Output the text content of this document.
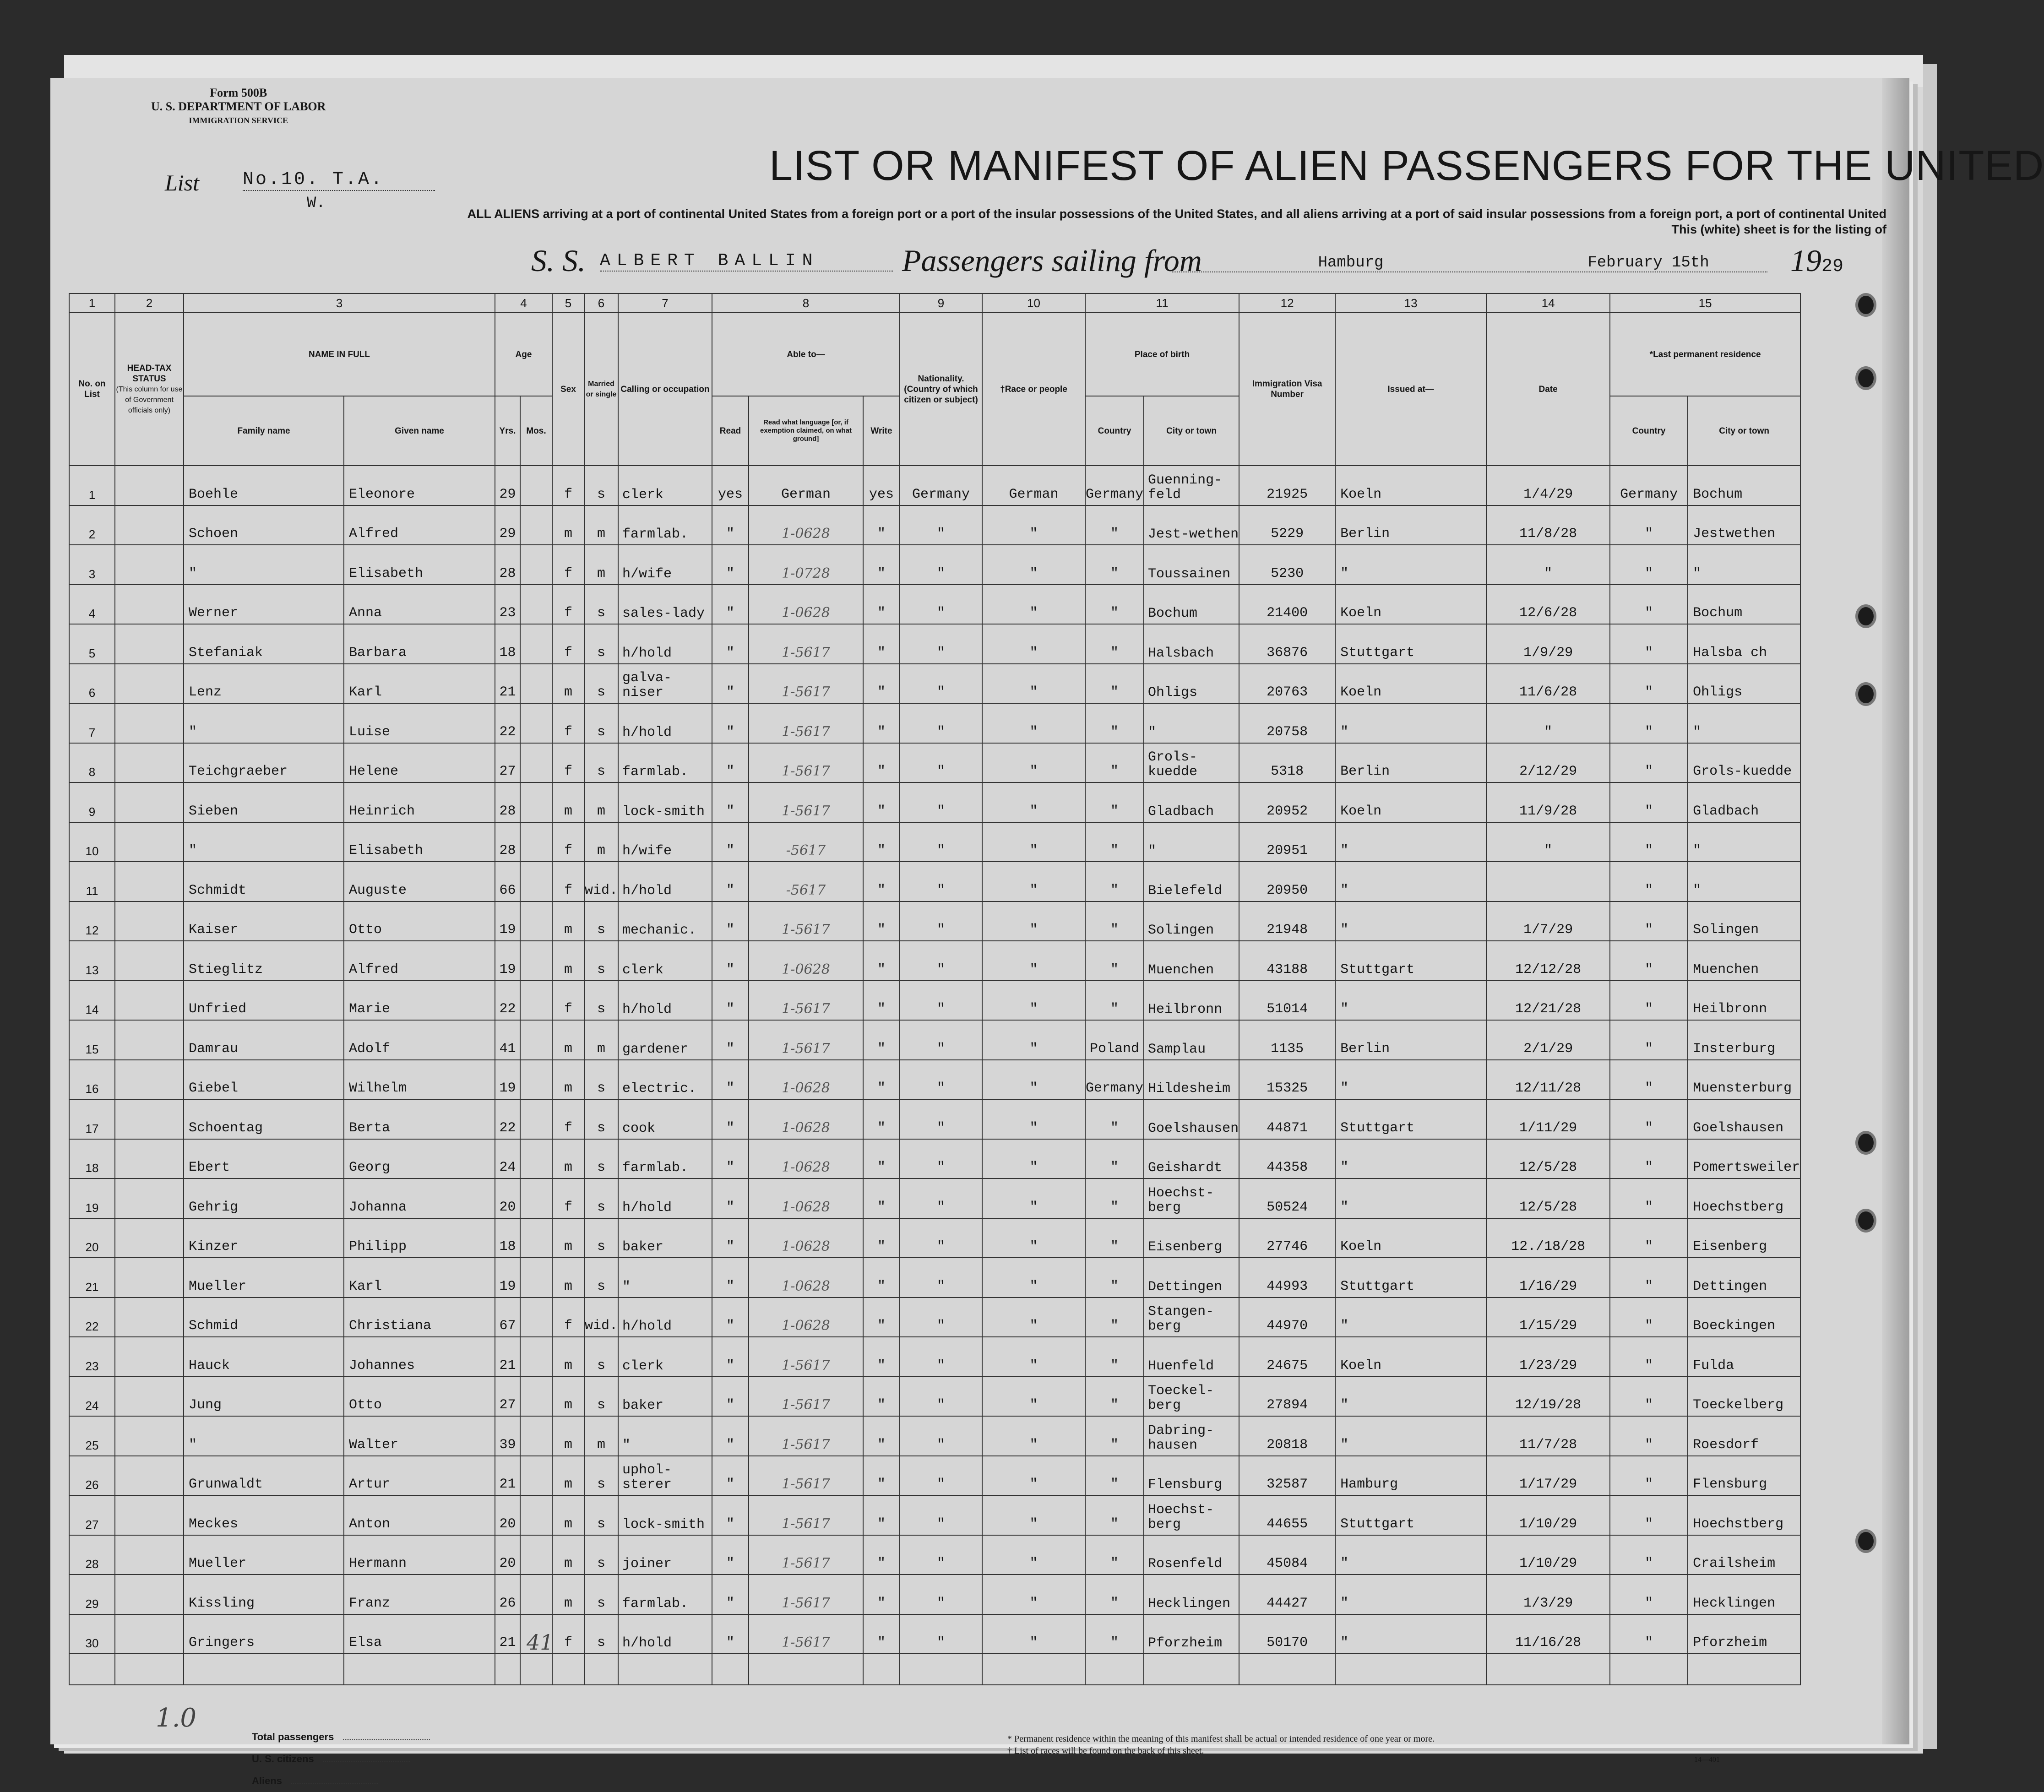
Form 500B
U. S. DEPARTMENT OF LABOR
IMMIGRATION SERVICE
List No.10. T.A.
W.
LIST OR MANIFEST OF ALIEN PASSENGERS FOR THE UNITED
ALL ALIENS arriving at a port of continental United States from a foreign port or a port of the insular possessions of the United States, and all aliens arriving at a port of said insular possessions from a foreign port, a port of continental United
This (white) sheet is for the listing of
S. S. ALBERT BALLIN	Passengers sailing from	Hamburg	February 15th	1929
1	2	3		4		5	6	7	8			9	10	11		12	13	14	15	
No. on List	HEAD-TAX STATUS
(This column for use of Government officials only)	NAME IN FULL		Age		Sex	Married or single	Calling or occupation	Able to—			Nationality. (Country of which citizen or subject)	†Race or people	Place of birth		Immigration Visa Number	Issued at—	Date	*Last permanent residence	
		Family name	Given name	Yrs.	Mos.				Read	Read what language [or, if exemption claimed, on what ground]	Write			Country	City or town				Country	City or town
1		Boehle	Eleonore	29		f	s	clerk	yes	German	yes	Germany	German	Germany	Guenning-feld	21925	Koeln	1/4/29	Germany	Bochum
2		Schoen	Alfred	29		m	m	farmlab.	"	1-0628	"	"	"	"	Jest-wethen	5229	Berlin	11/8/28	"	Jestwethen
3		"	Elisabeth	28		f	m	h/wife	"	1-0728	"	"	"	"	Toussainen	5230	"	"	"	"
4		Werner	Anna	23		f	s	sales-lady	"	1-0628	"	"	"	"	Bochum	21400	Koeln	12/6/28	"	Bochum
5		Stefaniak	Barbara	18		f	s	h/hold	"	1-5617	"	"	"	"	Halsbach	36876	Stuttgart	1/9/29	"	Halsba ch
6		Lenz	Karl	21		m	s	galva-niser	"	1-5617	"	"	"	"	Ohligs	20763	Koeln	11/6/28	"	Ohligs
7		"	Luise	22		f	s	h/hold	"	1-5617	"	"	"	"	"	20758	"	"	"	"
8		Teichgraeber	Helene	27		f	s	farmlab.	"	1-5617	"	"	"	"	Grols-kuedde	5318	Berlin	2/12/29	"	Grols-kuedde
9		Sieben	Heinrich	28		m	m	lock-smith	"	1-5617	"	"	"	"	Gladbach	20952	Koeln	11/9/28	"	Gladbach
10		"	Elisabeth	28		f	m	h/wife	"	-5617	"	"	"	"	"	20951	"	"	"	"
11		Schmidt	Auguste	66		f	wid.	h/hold	"	-5617	"	"	"	"	Bielefeld	20950	"		"	"
12		Kaiser	Otto	19		m	s	mechanic.	"	1-5617	"	"	"	"	Solingen	21948	"	1/7/29	"	Solingen
13		Stieglitz	Alfred	19		m	s	clerk	"	1-0628	"	"	"	"	Muenchen	43188	Stuttgart	12/12/28	"	Muenchen
14		Unfried	Marie	22		f	s	h/hold	"	1-5617	"	"	"	"	Heilbronn	51014	"	12/21/28	"	Heilbronn
15		Damrau	Adolf	41		m	m	gardener	"	1-5617	"	"	"	Poland	Samplau	1135	Berlin	2/1/29	"	Insterburg
16		Giebel	Wilhelm	19		m	s	electric.	"	1-0628	"	"	"	Germany	Hildesheim	15325	"	12/11/28	"	Muensterburg
17		Schoentag	Berta	22		f	s	cook	"	1-0628	"	"	"	"	Goelshausen	44871	Stuttgart	1/11/29	"	Goelshausen
18		Ebert	Georg	24		m	s	farmlab.	"	1-0628	"	"	"	"	Geishardt	44358	"	12/5/28	"	Pomertsweiler
19		Gehrig	Johanna	20		f	s	h/hold	"	1-0628	"	"	"	"	Hoechst-berg	50524	"	12/5/28	"	Hoechstberg
20		Kinzer	Philipp	18		m	s	baker	"	1-0628	"	"	"	"	Eisenberg	27746	Koeln	12./18/28	"	Eisenberg
21		Mueller	Karl	19		m	s	"	"	1-0628	"	"	"	"	Dettingen	44993	Stuttgart	1/16/29	"	Dettingen
22		Schmid	Christiana	67		f	wid.	h/hold	"	1-0628	"	"	"	"	Stangen-berg	44970	"	1/15/29	"	Boeckingen
23		Hauck	Johannes	21		m	s	clerk	"	1-5617	"	"	"	"	Huenfeld	24675	Koeln	1/23/29	"	Fulda
24		Jung	Otto	27		m	s	baker	"	1-5617	"	"	"	"	Toeckel-berg	27894	"	12/19/28	"	Toeckelberg
25		"	Walter	39		m	m	"	"	1-5617	"	"	"	"	Dabring-hausen	20818	"	11/7/28	"	Roesdorf
26		Grunwaldt	Artur	21		m	s	uphol-sterer	"	1-5617	"	"	"	"	Flensburg	32587	Hamburg	1/17/29	"	Flensburg
27		Meckes	Anton	20		m	s	lock-smith	"	1-5617	"	"	"	"	Hoechst-berg	44655	Stuttgart	1/10/29	"	Hoechstberg
28		Mueller	Hermann	20		m	s	joiner	"	1-5617	"	"	"	"	Rosenfeld	45084	"	1/10/29	"	Crailsheim
29		Kissling	Franz	26		m	s	farmlab.	"	1-5617	"	"	"	"	Hecklingen	44427	"	1/3/29	"	Hecklingen
30		Gringers	Elsa	21		f	s	h/hold	"	1-5617	"	"	"	"	Pforzheim	50170	"	11/16/28	"	Pforzheim

41
1.0
Total passengers
U. S. citizens
Aliens
* Permanent residence within the meaning of this manifest shall be actual or intended residence of one year or more.
† List of races will be found on the back of this sheet.
14—401
